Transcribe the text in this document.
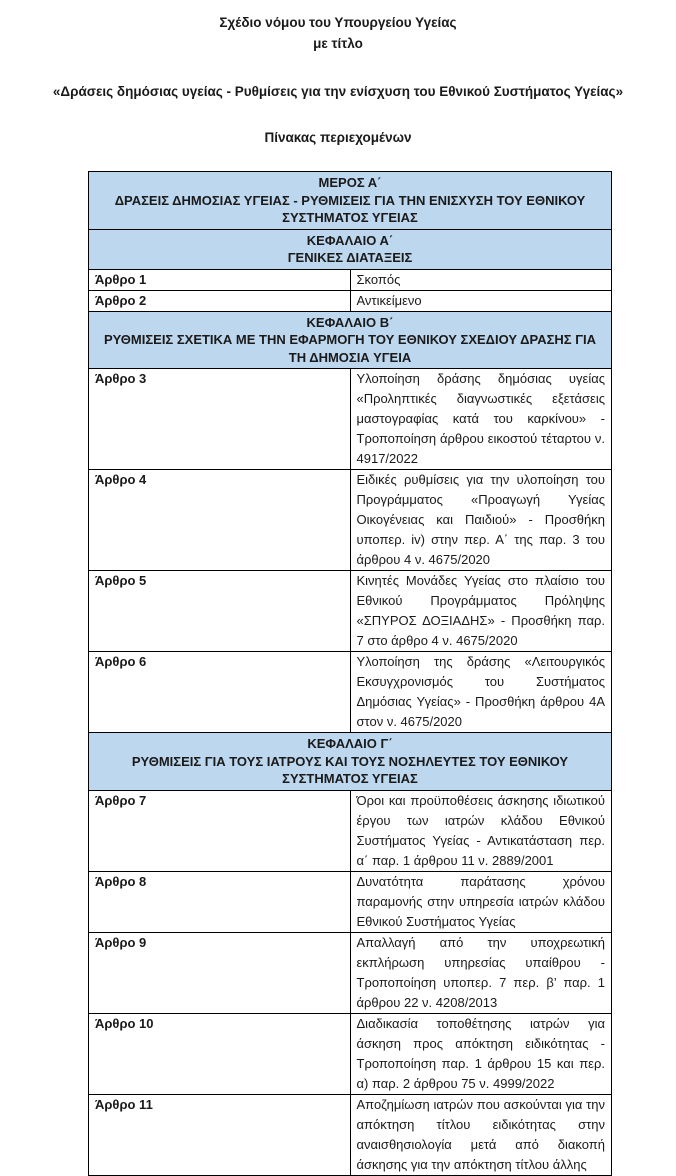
Σχέδιο νόμου του Υπουργείου Υγείας

με τίτλο

«Δράσεις δημόσιας υγείας - Ρυθμίσεις για την ενίσχυση του Εθνικού Συστήματος Υγείας»

Πίνακας περιεχομένων

ΜΕΡΟΣ Α΄
ΔΡΑΣΕΙΣ ΔΗΜΟΣΙΑΣ ΥΓΕΙΑΣ - ΡΥΘΜΙΣΕΙΣ ΓΙΑ ΤΗΝ ΕΝΙΣΧΥΣΗ ΤΟΥ ΕΘΝΙΚΟΥ ΣΥΣΤΗΜΑΤΟΣ ΥΓΕΙΑΣ	

ΚΕΦΑΛΑΙΟ Α΄
ΓΕΝΙΚΕΣ ΔΙΑΤΑΞΕΙΣ	

Άρθρο 1	Σκοπός
Άρθρο 2	Αντικείμενο

ΚΕΦΑΛΑΙΟ Β΄
ΡΥΘΜΙΣΕΙΣ ΣΧΕΤΙΚΑ ΜΕ ΤΗΝ ΕΦΑΡΜΟΓΗ ΤΟΥ ΕΘΝΙΚΟΥ ΣΧΕΔΙΟΥ ΔΡΑΣΗΣ ΓΙΑ ΤΗ ΔΗΜΟΣΙΑ ΥΓΕΙΑ	

Άρθρο 3	Υλοποίηση δράσης δημόσιας υγείας «Προληπτικές διαγνωστικές εξετάσεις μαστογραφίας κατά του καρκίνου» - Τροποποίηση άρθρου εικοστού τέταρτου ν. 4917/2022
Άρθρο 4	Ειδικές ρυθμίσεις για την υλοποίηση του Προγράμματος «Προαγωγή Υγείας Οικογένειας και Παιδιού» - Προσθήκη υποπερ. iv) στην περ. Α΄ της παρ. 3 του άρθρου 4 ν. 4675/2020
Άρθρο 5	Κινητές Μονάδες Υγείας στο πλαίσιο του Εθνικού Προγράμματος Πρόληψης «ΣΠΥΡΟΣ ΔΟΞΙΑΔΗΣ» - Προσθήκη παρ. 7 στο άρθρο 4 ν. 4675/2020
Άρθρο 6	Υλοποίηση της δράσης «Λειτουργικός Εκσυγχρονισμός του Συστήματος Δημόσιας Υγείας» - Προσθήκη άρθρου 4Α στον ν. 4675/2020

ΚΕΦΑΛΑΙΟ Γ΄
ΡΥΘΜΙΣΕΙΣ ΓΙΑ ΤΟΥΣ ΙΑΤΡΟΥΣ ΚΑΙ ΤΟΥΣ ΝΟΣΗΛΕΥΤΕΣ ΤΟΥ ΕΘΝΙΚΟΥ ΣΥΣΤΗΜΑΤΟΣ ΥΓΕΙΑΣ	

Άρθρο 7	Όροι και προϋποθέσεις άσκησης ιδιωτικού έργου των ιατρών κλάδου Εθνικού Συστήματος Υγείας - Αντικατάσταση περ. α΄ παρ. 1 άρθρου 11 ν. 2889/2001
Άρθρο 8	Δυνατότητα παράτασης χρόνου παραμονής στην υπηρεσία ιατρών κλάδου Εθνικού Συστήματος Υγείας
Άρθρο 9	Απαλλαγή από την υποχρεωτική εκπλήρωση υπηρεσίας υπαίθρου - Τροποποίηση υποπερ. 7 περ. β’ παρ. 1 άρθρου 22 ν. 4208/2013
Άρθρο 10	Διαδικασία τοποθέτησης ιατρών για άσκηση προς απόκτηση ειδικότητας - Τροποποίηση παρ. 1 άρθρου 15 και περ. α) παρ. 2 άρθρου 75 ν. 4999/2022
Άρθρο 11	Αποζημίωση ιατρών που ασκούνται για την απόκτηση τίτλου ειδικότητας στην αναισθησιολογία μετά από διακοπή άσκησης για την απόκτηση τίτλου άλλης
